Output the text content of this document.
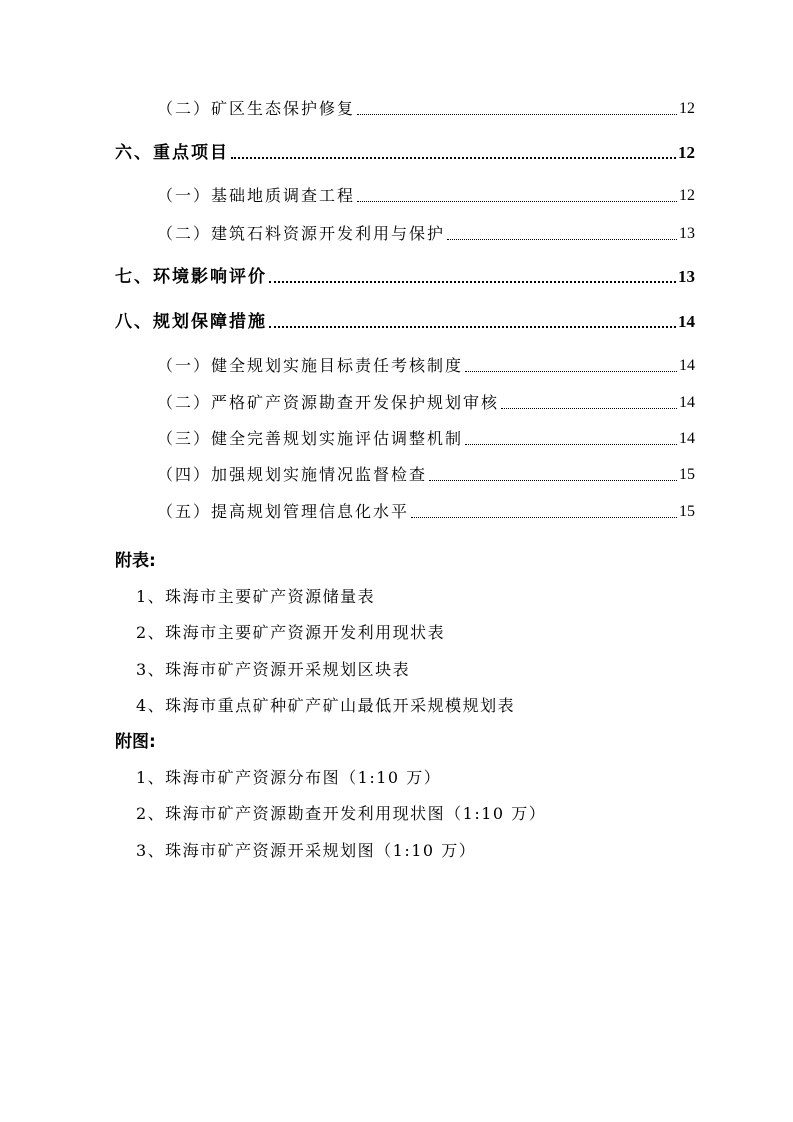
（二）矿区生态保护修复	12
六、重点项目	12
（一）基础地质调查工程	12
（二）建筑石料资源开发利用与保护	13
七、环境影响评价	13
八、规划保障措施	14
（一）健全规划实施目标责任考核制度	14
（二）严格矿产资源勘查开发保护规划审核	14
（三）健全完善规划实施评估调整机制	14
（四）加强规划实施情况监督检查	15
（五）提高规划管理信息化水平	15
附表:
1、珠海市主要矿产资源储量表
2、珠海市主要矿产资源开发利用现状表
3、珠海市矿产资源开采规划区块表
4、珠海市重点矿种矿产矿山最低开采规模规划表
附图:
1、珠海市矿产资源分布图（1:10 万）
2、珠海市矿产资源勘查开发利用现状图（1:10 万）
3、珠海市矿产资源开采规划图（1:10 万）
